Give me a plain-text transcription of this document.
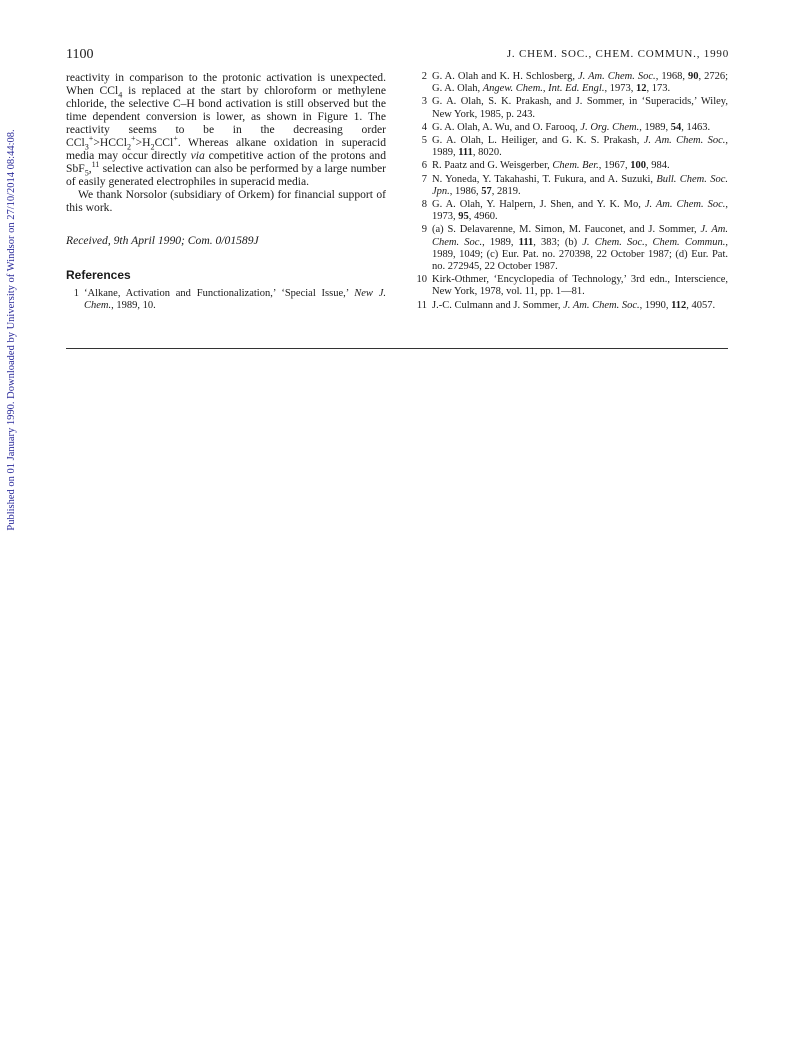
Published on 01 January 1990. Downloaded by University of Windsor on 27/10/2014 08:44:08.
1100	J. CHEM. SOC., CHEM. COMMUN., 1990

reactivity in comparison to the protonic activation is unexpected. When CCl$_4$ is replaced at the start by chloroform or methylene chloride, the selective C–H bond activation is still observed but the time dependent conversion is lower, as shown in Figure 1. The reactivity seems to be in the decreasing order $CCl_3^+>HCCl_2^+>H_2CCl^+$. Whereas alkane oxidation in superacid media may occur directly via competitive action of the protons and SbF$_5$,$^{11}$ selective activation can also be performed by a large number of easily generated electrophiles in superacid media.

We thank Norsolor (subsidiary of Orkem) for financial support of this work.

Received, 9th April 1990; Com. 0/01589J

References

1 ‘Alkane, Activation and Functionalization,’ ‘Special Issue,’ New J. Chem., 1989, 10.

2 G. A. Olah and K. H. Schlosberg, J. Am. Chem. Soc., 1968, 90, 2726; G. A. Olah, Angew. Chem., Int. Ed. Engl., 1973, 12, 173.

3 G. A. Olah, S. K. Prakash, and J. Sommer, in ‘Superacids,’ Wiley, New York, 1985, p. 243.

4 G. A. Olah, A. Wu, and O. Farooq, J. Org. Chem., 1989, 54, 1463.

5 G. A. Olah, L. Heiliger, and G. K. S. Prakash, J. Am. Chem. Soc., 1989, 111, 8020.

6 R. Paatz and G. Weisgerber, Chem. Ber., 1967, 100, 984.

7 N. Yoneda, Y. Takahashi, T. Fukura, and A. Suzuki, Bull. Chem. Soc. Jpn., 1986, 57, 2819.

8 G. A. Olah, Y. Halpern, J. Shen, and Y. K. Mo, J. Am. Chem. Soc., 1973, 95, 4960.

9 (a) S. Delavarenne, M. Simon, M. Fauconet, and J. Sommer, J. Am. Chem. Soc., 1989, 111, 383; (b) J. Chem. Soc., Chem. Commun., 1989, 1049; (c) Eur. Pat. no. 270398, 22 October 1987; (d) Eur. Pat. no. 272945, 22 October 1987.

10 Kirk-Othmer, ‘Encyclopedia of Technology,’ 3rd edn., Interscience, New York, 1978, vol. 11, pp. 1—81.

11 J.-C. Culmann and J. Sommer, J. Am. Chem. Soc., 1990, 112, 4057.
